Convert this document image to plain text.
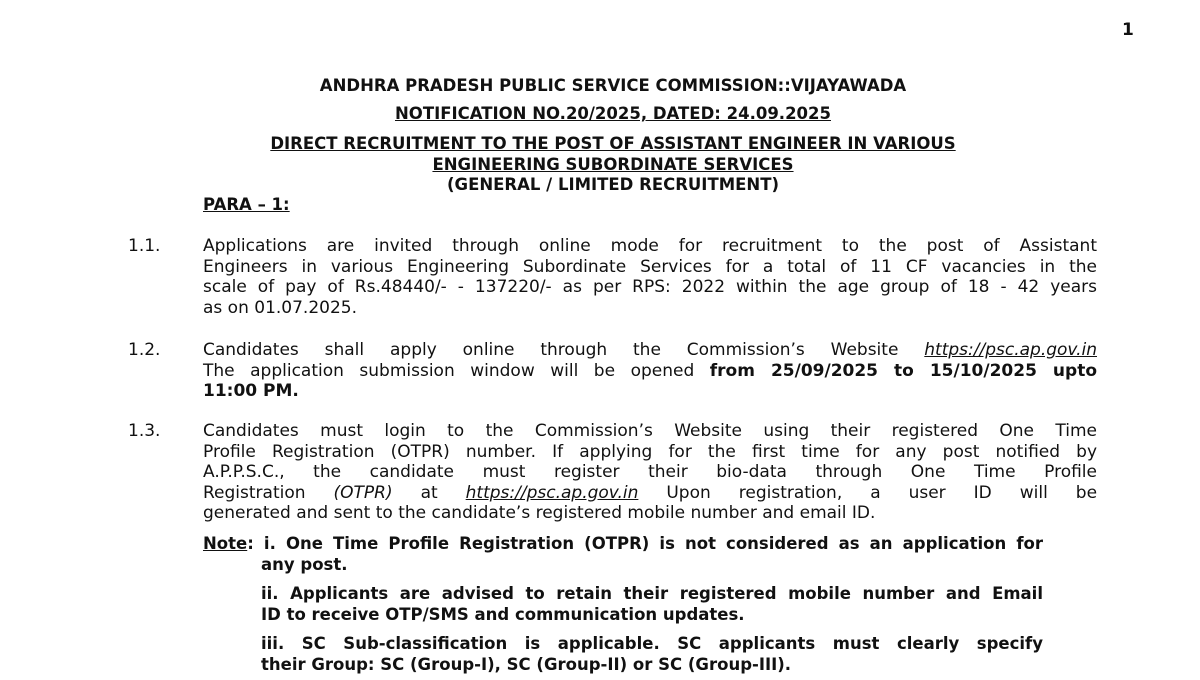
1
ANDHRA PRADESH PUBLIC SERVICE COMMISSION::VIJAYAWADA
NOTIFICATION NO.20/2025, DATED: 24.09.2025
DIRECT RECRUITMENT TO THE POST OF ASSISTANT ENGINEER IN VARIOUS
ENGINEERING SUBORDINATE SERVICES
(GENERAL / LIMITED RECRUITMENT)
PARA – 1:
1.1.	Applications are invited through online mode for recruitment to the post of Assistant
Engineers in various Engineering Subordinate Services for a total of 11 CF vacancies in the
scale of pay of Rs.48440/- - 137220/- as per RPS: 2022 within the age group of 18 - 42 years
as on 01.07.2025.
1.2.	Candidates shall apply online through the Commission’s Website https://psc.ap.gov.in
The application submission window will be opened from 25/09/2025 to 15/10/2025 upto
11:00 PM.
1.3.	Candidates must login to the Commission’s Website using their registered One Time
Profile Registration (OTPR) number. If applying for the first time for any post notified by
A.P.P.S.C., the candidate must register their bio-data through One Time Profile
Registration (OTPR) at https://psc.ap.gov.in Upon registration, a user ID will be
generated and sent to the candidate’s registered mobile number and email ID.
Note: i. One Time Profile Registration (OTPR) is not considered as an application for
any post.
ii. Applicants are advised to retain their registered mobile number and Email
ID to receive OTP/SMS and communication updates.
iii. SC Sub-classification is applicable. SC applicants must clearly specify
their Group: SC (Group-I), SC (Group-II) or SC (Group-III).
